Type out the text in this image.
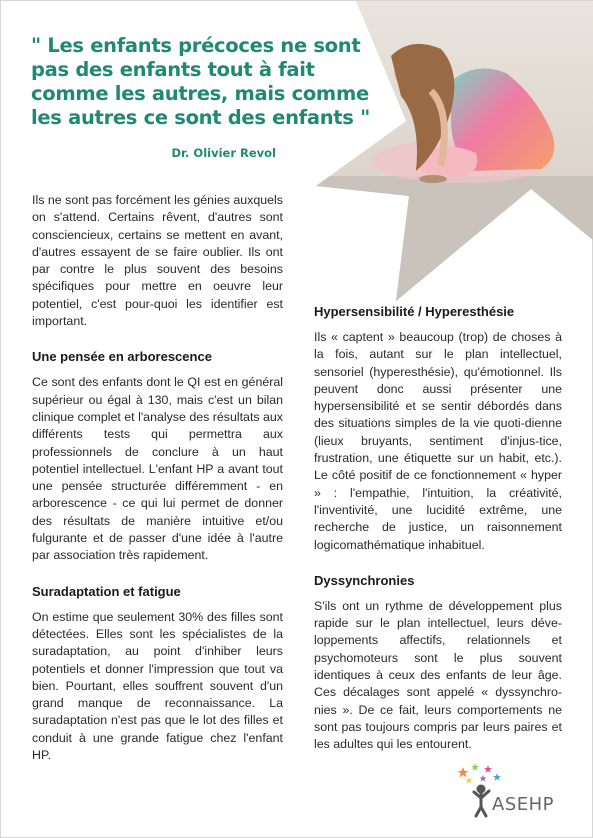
" Les enfants précoces ne sont pas des enfants tout à fait comme les autres, mais comme les autres ce sont des enfants "

Dr. Olivier Revol

Ils ne sont pas forcément les génies auxquels on s'attend. Certains rêvent, d'autres sont consciencieux, certains se mettent en avant, d'autres essayent de se faire oublier. Ils ont par contre le plus souvent des besoins spécifiques pour mettre en oeuvre leur potentiel, c'est pour-quoi les identifier est important.

Une pensée en arborescence

Ce sont des enfants dont le QI est en général supérieur ou égal à 130, mais c'est un bilan clinique complet et l'analyse des résultats aux différents tests qui permettra aux professionnels de conclure à un haut potentiel intellectuel. L'enfant HP a avant tout une pensée structurée différemment - en arborescence - ce qui lui permet de donner des résultats de manière intuitive et/ou fulgurante et de passer d'une idée à l'autre par association très rapidement.

Suradaptation et fatigue

On estime que seulement 30% des filles sont détectées. Elles sont les spécialistes de la suradaptation, au point d'inhiber leurs potentiels et donner l'impression que tout va bien. Pourtant, elles souffrent souvent d'un grand manque de reconnaissance. La suradaptation n'est pas que le lot des filles et conduit à une grande fatigue chez l'enfant HP.

Hypersensibilité / Hyperesthésie

Ils « captent » beaucoup (trop) de choses à la fois, autant sur le plan intellectuel, sensoriel (hyperesthésie), qu'émotionnel. Ils peuvent donc aussi présenter une hypersensibilité et se sentir débordés dans des situations simples de la vie quoti-dienne (lieux bruyants, sentiment d'injus-tice, frustration, une étiquette sur un habit, etc.). Le côté positif de ce fonctionnement « hyper » : l'empathie, l'intuition, la créativité, l'inventivité, une lucidité extrême, une recherche de justice, un raisonnement logicomathématique inhabituel.

Dyssynchronies

S'ils ont un rythme de développement plus rapide sur le plan intellectuel, leurs déve-loppements affectifs, relationnels et psychomoteurs sont le plus souvent identiques à ceux des enfants de leur âge. Ces décalages sont appelé « dyssynchro-nies ». De ce fait, leurs comportements ne sont pas toujours compris par leurs paires et les adultes qui les entourent.

ASEHP
